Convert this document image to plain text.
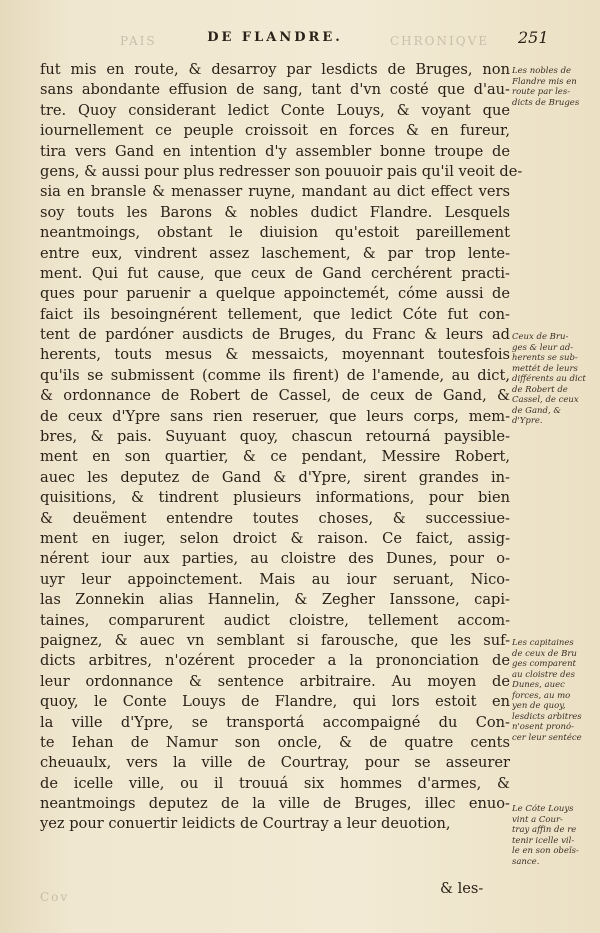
PAIS	CHRONIQVE
Cov
DE FLANDRE.	251
fut mis en route, & desarroy par lesdicts de Bruges, non
sans abondante effusion de sang, tant d'vn costé que d'au-
tre. Quoy considerant ledict Conte Louys, & voyant que
iournellement ce peuple croissoit en forces & en fureur,
tira vers Gand en intention d'y assembler bonne troupe de
gens, & aussi pour plus redresser son pouuoir pais qu'il veoit de-
sia en bransle & menasser ruyne, mandant au dict effect vers
soy touts les Barons & nobles dudict Flandre. Lesquels
neantmoings, obstant le diuision qu'estoit pareillement
entre eux, vindrent assez laschement, & par trop lente-
ment. Qui fut cause, que ceux de Gand cerchérent practi-
ques pour paruenir a quelque appoinctemét, cóme aussi de
faict ils besoingnérent tellement, que ledict Cóte fut con-
tent de pardóner ausdicts de Bruges, du Franc & leurs ad
herents, touts mesus & messaicts, moyennant toutesfois
qu'ils se submissent (comme ils firent) de l'amende, au dict,
& ordonnance de Robert de Cassel, de ceux de Gand, &
de ceux d'Ypre sans rien reseruer, que leurs corps, mem-
bres, & pais. Suyuant quoy, chascun retourná paysible-
ment en son quartier, & ce pendant, Messire Robert,
auec les deputez de Gand & d'Ypre, sirent grandes in-
quisitions, & tindrent plusieurs informations, pour bien
& deuëment entendre toutes choses, & successiue-
ment en iuger, selon droict & raison. Ce faict, assig-
nérent iour aux parties, au cloistre des Dunes, pour o-
uyr leur appoinctement. Mais au iour seruant, Nico-
las Zonnekin alias Hannelin, & Zegher Ianssone, capi-
taines, comparurent audict cloistre, tellement accom-
paignez, & auec vn semblant si farousche, que les suf-
dicts arbitres, n'ozérent proceder a la prononciation de
leur ordonnance & sentence arbitraire. Au moyen de
quoy, le Conte Louys de Flandre, qui lors estoit en
la ville d'Ypre, se transportá accompaigné du Con-
te Iehan de Namur son oncle, & de quatre cents
cheuaulx, vers la ville de Courtray, pour se asseurer
de icelle ville, ou il trouuá six hommes d'armes, &
neantmoings deputez de la ville de Bruges, illec enuo-
yez pour conuertir leidicts de Courtray a leur deuotion,
Les nobles de
Flandre mis en
route par les-
dicts de Bruges
Ceux de Bru-
ges & leur ad-
herents se sub-
mettét de leurs
différents au dict
de Robert de
Cassel, de ceux
de Gand, &
d'Ypre.
Les capitaines
de ceux de Bru
ges comparent
au cloistre des
Dunes, auec
forces, au mo
yen de quoy,
lesdicts arbitres
n'osent pronó-
cer leur sentéce
Le Cóte Louys
vint a Cour-
tray affin de re
tenir icelle vil-
le en son obeïs-
sance.
& les-
